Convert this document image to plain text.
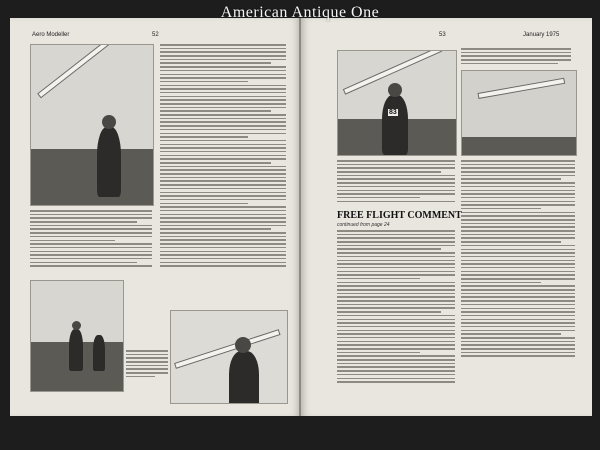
American Antique One
Aero Modeller	52	53	January 1975
83
FREE FLIGHT COMMENT
continued from page 24
